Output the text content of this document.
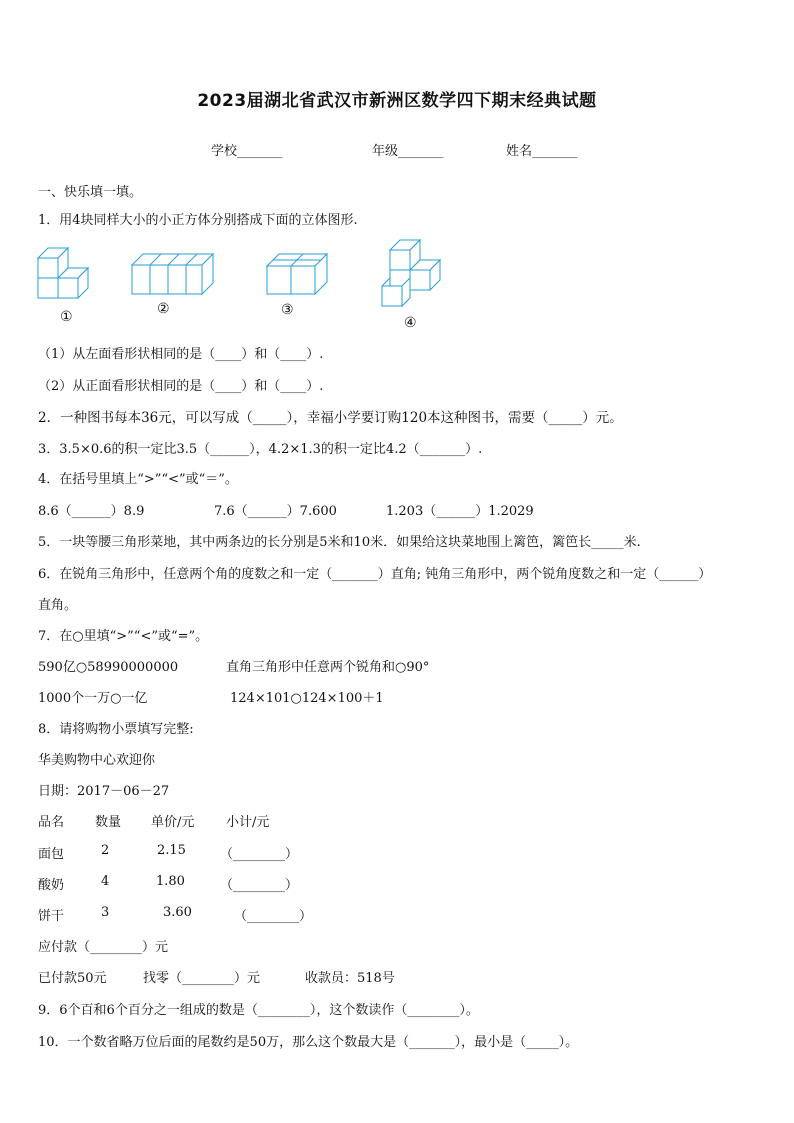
2023届湖北省武汉市新洲区数学四下期末经典试题
学校_______	年级_______	姓名_______
一、快乐填一填。
1．用4块同样大小的小正方体分别搭成下面的立体图形.
①	②	③
④
（1）从左面看形状相同的是（____）和（____）.
（2）从正面看形状相同的是（____）和（____）.
2．一种图书每本36元，可以写成（_____），幸福小学要订购120本这种图书，需要（_____）元。
3．3.5×0.6的积一定比3.5（______），4.2×1.3的积一定比4.2（_______）.
4．在括号里填上“>”“<”或“＝”。
8.6（______）8.9	7.6（______）7.600	1.203（______）1.2029
5．一块等腰三角形菜地，其中两条边的长分别是5米和10米．如果给这块菜地围上篱笆，篱笆长_____米.
6．在锐角三角形中，任意两个角的度数之和一定（_______）直角; 钝角三角形中，两个锐角度数之和一定（______）
直角。
7．在○里填“>”“<”或“=”。
590亿○58990000000	直角三角形中任意两个锐角和○90°
1000个一万○一亿	124×101○124×100＋1
8．请将购物小票填写完整:
华美购物中心欢迎你
日期：2017－06－27
品名 数量 单价/元 小计/元
面包	2	2.15	（________）
酸奶	4	1.80	（________）
饼干	3	3.60	（________）
应付款（________）元
已付款50元	找零（________）元	收款员：518号
9．6个百和6个百分之一组成的数是（________），这个数读作（________）。
10．一个数省略万位后面的尾数约是50万，那么这个数最大是（_______），最小是（_____）。
